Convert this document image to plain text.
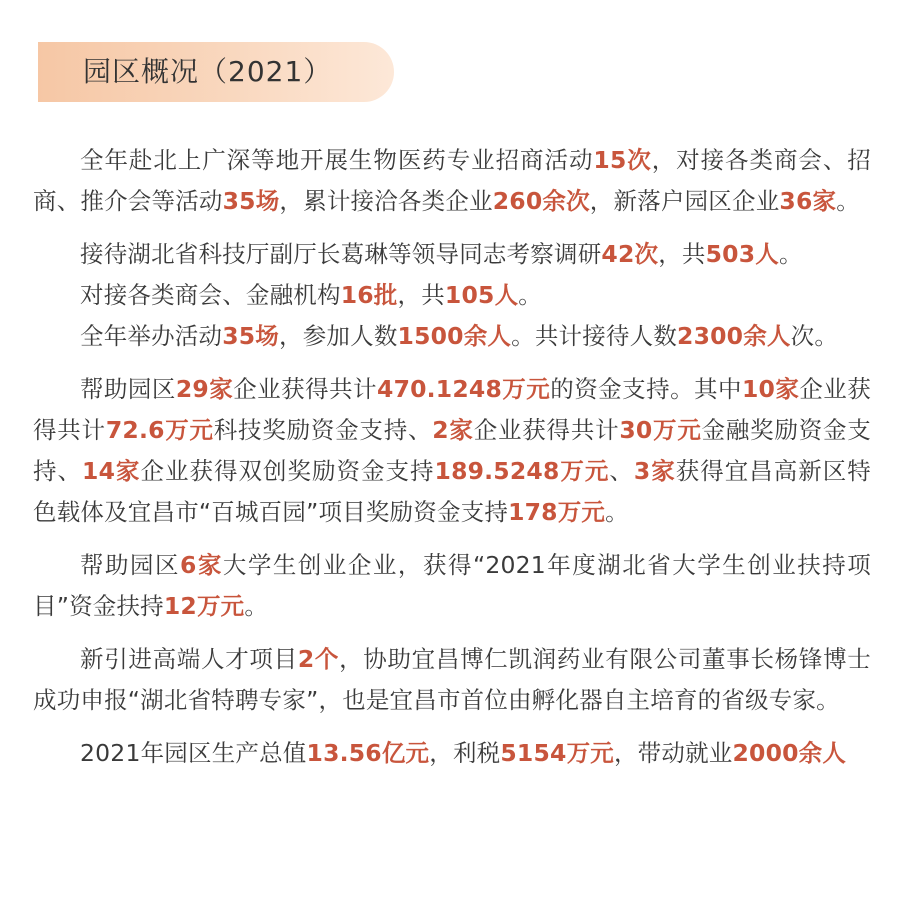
园区概况（2021）

全年赴北上广深等地开展生物医药专业招商活动15次，对接各类商会、招商、推介会等活动35场，累计接洽各类企业260余次，新落户园区企业36家。

接待湖北省科技厅副厅长葛琳等领导同志考察调研42次，共503人。

对接各类商会、金融机构16批，共105人。

全年举办活动35场，参加人数1500余人。共计接待人数2300余人次。

帮助园区29家企业获得共计470.1248万元的资金支持。其中10家企业获得共计72.6万元科技奖励资金支持、2家企业获得共计30万元金融奖励资金支持、14家企业获得双创奖励资金支持189.5248万元、3家获得宜昌高新区特色载体及宜昌市“百城百园”项目奖励资金支持178万元。

帮助园区6家大学生创业企业，获得“2021年度湖北省大学生创业扶持项目”资金扶持12万元。

新引进高端人才项目2个，协助宜昌博仁凯润药业有限公司董事长杨锋博士成功申报“湖北省特聘专家”，也是宜昌市首位由孵化器自主培育的省级专家。

2021年园区生产总值13.56亿元，利税5154万元，带动就业2000余人
